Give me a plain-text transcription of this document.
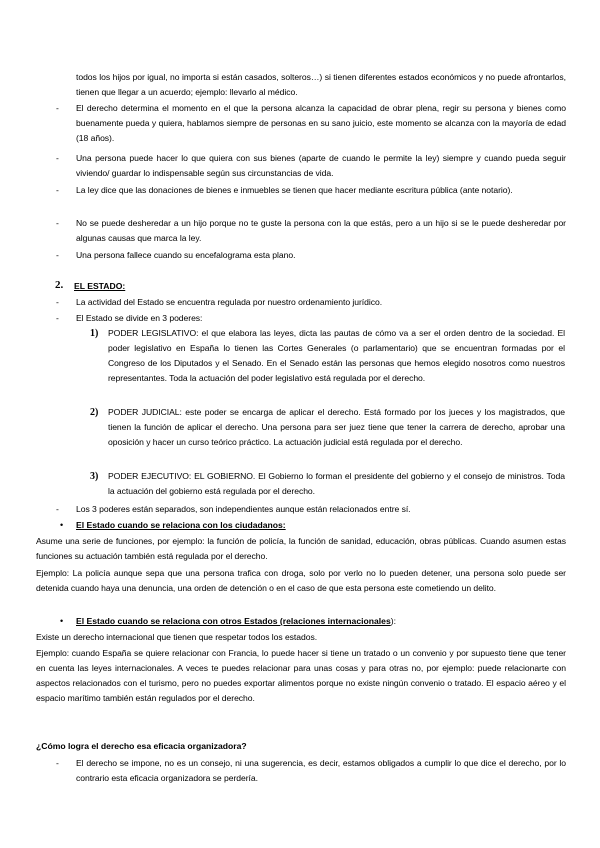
todos los hijos por igual, no importa si están casados, solteros…) si tienen diferentes estados económicos y no puede afrontarlos, tienen que llegar a un acuerdo; ejemplo: llevarlo al médico.

- El derecho determina el momento en el que la persona alcanza la capacidad de obrar plena, regir su persona y bienes como buenamente pueda y quiera, hablamos siempre de personas en su sano juicio, este momento se alcanza con la mayoría de edad (18 años).

- Una persona puede hacer lo que quiera con sus bienes (aparte de cuando le permite la ley) siempre y cuando pueda seguir viviendo/ guardar lo indispensable según sus circunstancias de vida.

- La ley dice que las donaciones de bienes e inmuebles se tienen que hacer mediante escritura pública (ante notario).

- No se puede desheredar a un hijo porque no te guste la persona con la que estás, pero a un hijo si se le puede desheredar por algunas causas que marca la ley.

- Una persona fallece cuando su encefalograma esta plano.

2. EL ESTADO:
- La actividad del Estado se encuentra regulada por nuestro ordenamiento jurídico.

- El Estado se divide en 3 poderes:

1) PODER LEGISLATIVO: el que elabora las leyes, dicta las pautas de cómo va a ser el orden dentro de la sociedad. El poder legislativo en España lo tienen las Cortes Generales (o parlamentario) que se encuentran formadas por el Congreso de los Diputados y el Senado. En el Senado están las personas que hemos elegido nosotros como nuestros representantes. Toda la actuación del poder legislativo está regulada por el derecho.

2) PODER JUDICIAL: este poder se encarga de aplicar el derecho. Está formado por los jueces y los magistrados, que tienen la función de aplicar el derecho. Una persona para ser juez tiene que tener la carrera de derecho, aprobar una oposición y hacer un curso teórico práctico. La actuación judicial está regulada por el derecho.

3) PODER EJECUTIVO: EL GOBIERNO. El Gobierno lo forman el presidente del gobierno y el consejo de ministros. Toda la actuación del gobierno está regulada por el derecho.

- Los 3 poderes están separados, son independientes aunque están relacionados entre sí.

• El Estado cuando se relaciona con los ciudadanos:

Asume una serie de funciones, por ejemplo: la función de policía, la función de sanidad, educación, obras públicas. Cuando asumen estas funciones su actuación también está regulada por el derecho.

Ejemplo: La policía aunque sepa que una persona trafica con droga, solo por verlo no lo pueden detener, una persona solo puede ser detenida cuando haya una denuncia, una orden de detención o en el caso de que esta persona este cometiendo un delito.

• El Estado cuando se relaciona con otros Estados (relaciones internacionales):

Existe un derecho internacional que tienen que respetar todos los estados.

Ejemplo: cuando España se quiere relacionar con Francia, lo puede hacer si tiene un tratado o un convenio y por supuesto tiene que tener en cuenta las leyes internacionales. A veces te puedes relacionar para unas cosas y para otras no, por ejemplo: puede relacionarte con aspectos relacionados con el turismo, pero no puedes exportar alimentos porque no existe ningún convenio o tratado. El espacio aéreo y el espacio marítimo también están regulados por el derecho.

¿Cómo logra el derecho esa eficacia organizadora?
- El derecho se impone, no es un consejo, ni una sugerencia, es decir, estamos obligados a cumplir lo que dice el derecho, por lo contrario esta eficacia organizadora se perdería.
